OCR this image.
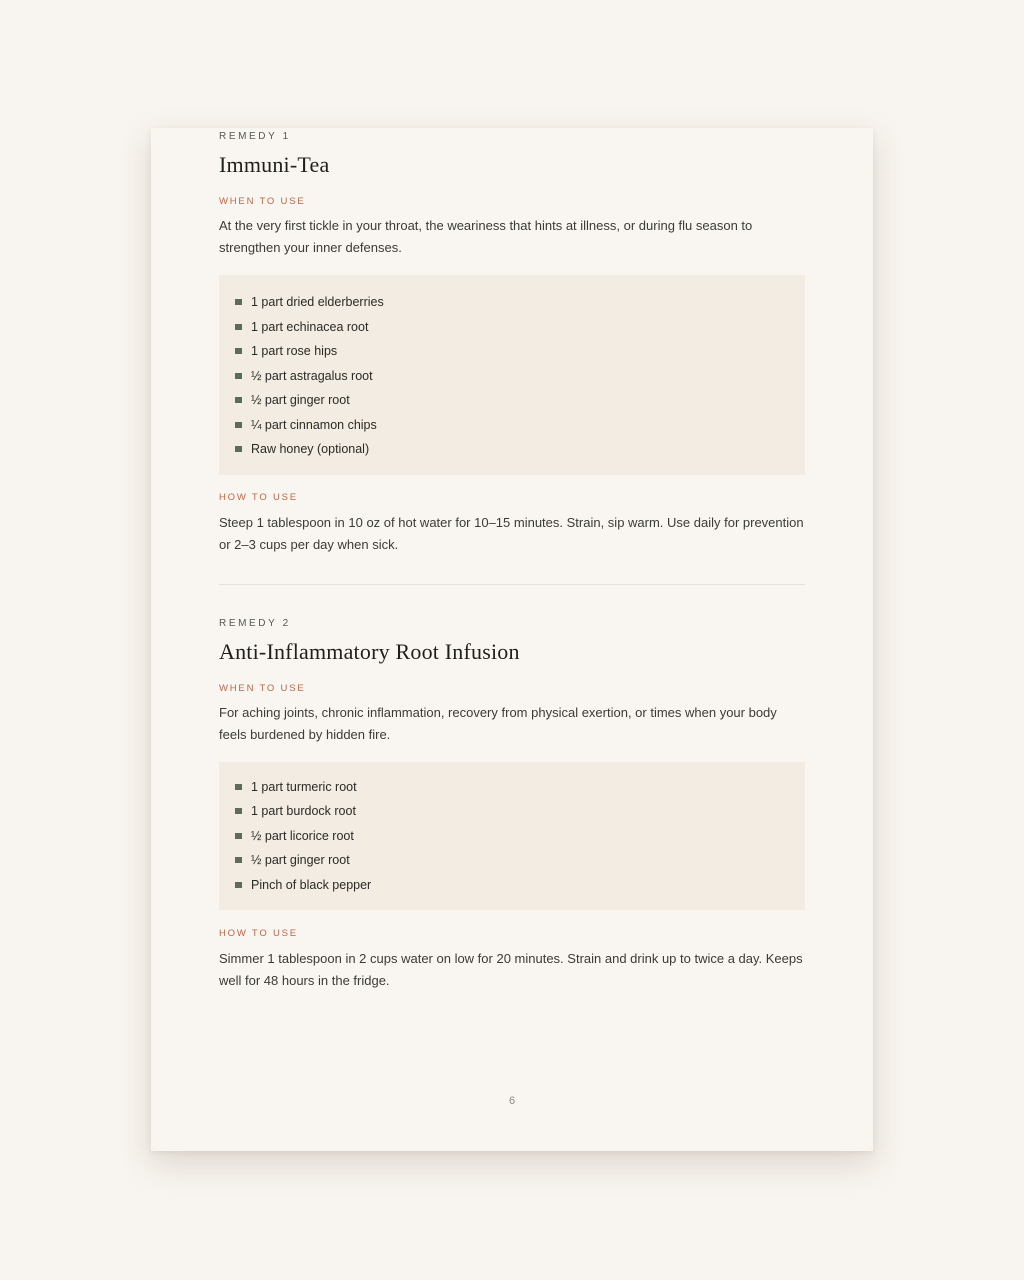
REMEDY 1

Immuni-Tea

WHEN TO USE

At the very first tickle in your throat, the weariness that hints at illness, or during flu season to strengthen your inner defenses.

1 part dried elderberries
1 part echinacea root
1 part rose hips
½ part astragalus root
½ part ginger root
¼ part cinnamon chips
Raw honey (optional)

HOW TO USE

Steep 1 tablespoon in 10 oz of hot water for 10–15 minutes. Strain, sip warm. Use daily for prevention or 2–3 cups per day when sick.

REMEDY 2

Anti-Inflammatory Root Infusion

WHEN TO USE

For aching joints, chronic inflammation, recovery from physical exertion, or times when your body feels burdened by hidden fire.

1 part turmeric root
1 part burdock root
½ part licorice root
½ part ginger root
Pinch of black pepper

HOW TO USE

Simmer 1 tablespoon in 2 cups water on low for 20 minutes. Strain and drink up to twice a day. Keeps well for 48 hours in the fridge.

6
